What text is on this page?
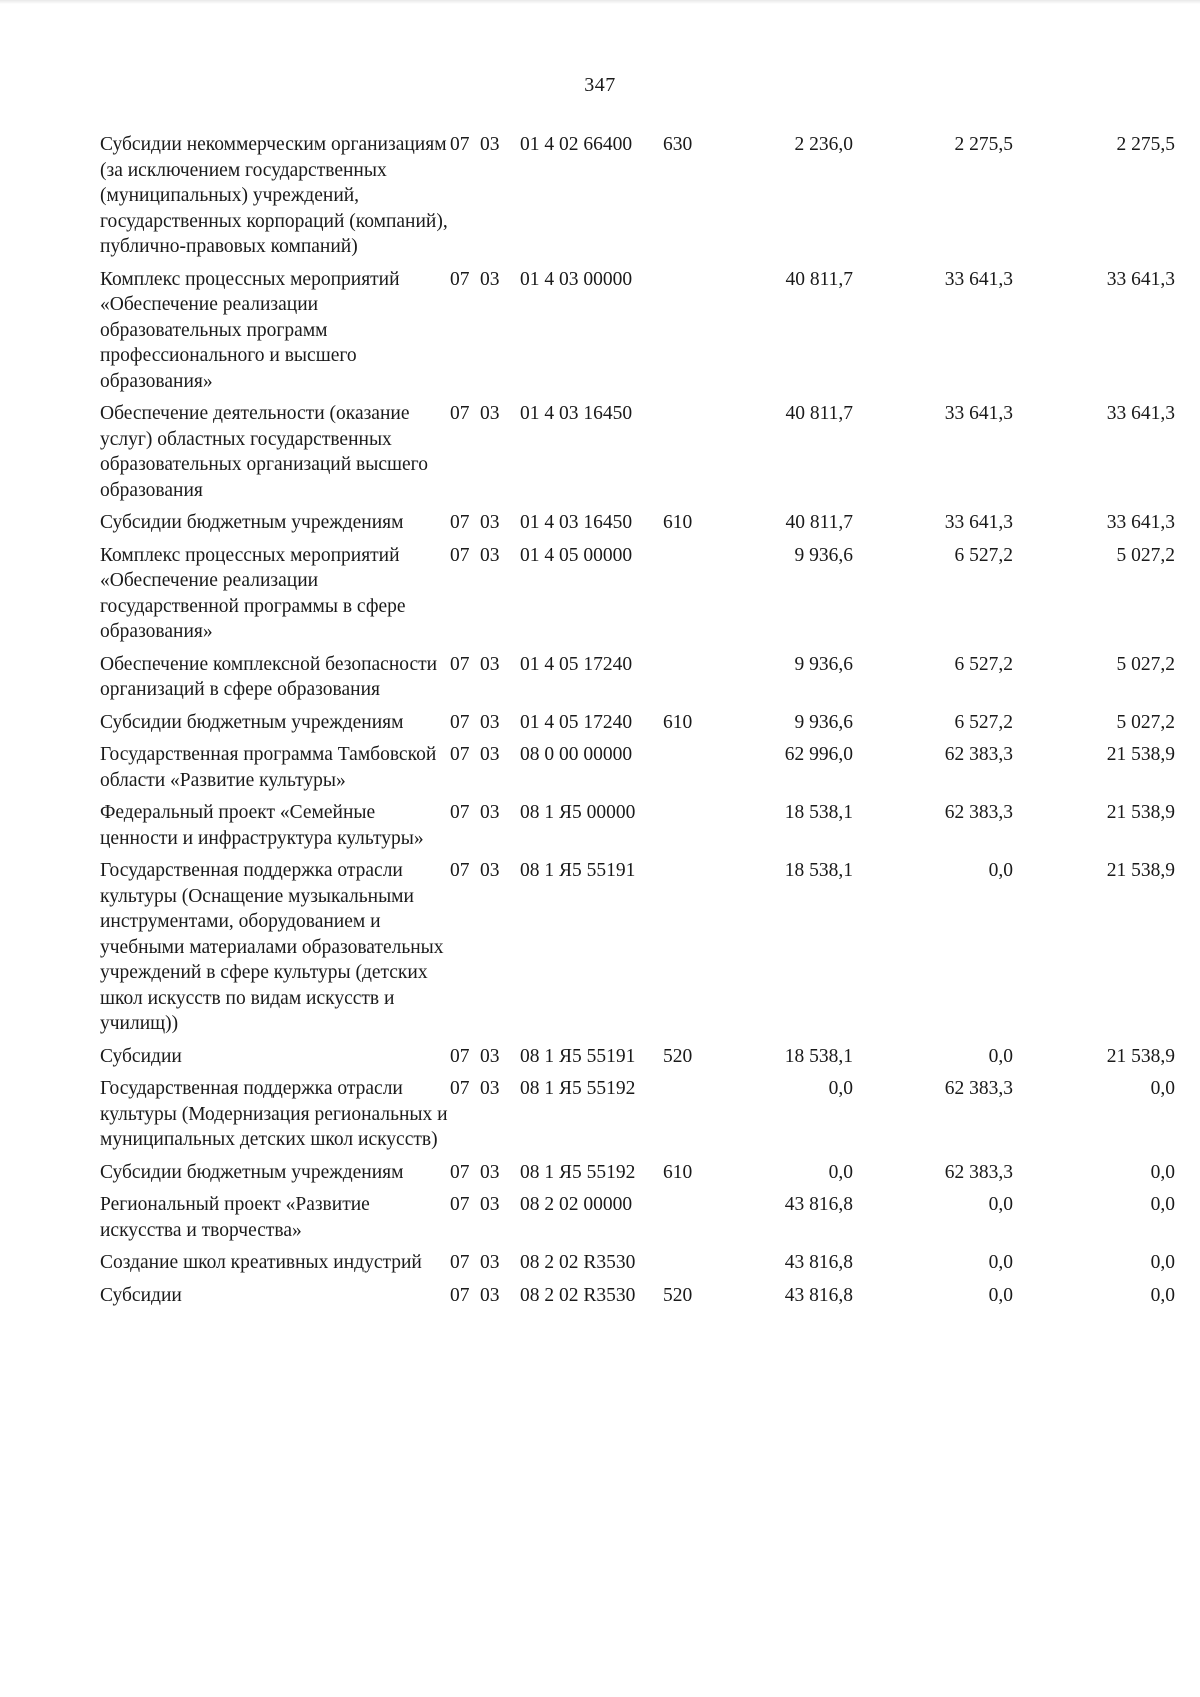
347
Субсидии некоммерческим организациям (за исключением государственных (муниципальных) учреждений, государственных корпораций (компаний), публично-правовых компаний)	07	03	01 4 02 66400	630	2 236,0	2 275,5	2 275,5
Комплекс процессных мероприятий «Обеспечение реализации образовательных программ профессионального и высшего образования»	07	03	01 4 03 00000		40 811,7	33 641,3	33 641,3
Обеспечение деятельности (оказание услуг) областных государственных образовательных организаций высшего образования	07	03	01 4 03 16450		40 811,7	33 641,3	33 641,3
Субсидии бюджетным учреждениям	07	03	01 4 03 16450	610	40 811,7	33 641,3	33 641,3
Комплекс процессных мероприятий «Обеспечение реализации государственной программы в сфере образования»	07	03	01 4 05 00000		9 936,6	6 527,2	5 027,2
Обеспечение комплексной безопасности организаций в сфере образования	07	03	01 4 05 17240		9 936,6	6 527,2	5 027,2
Субсидии бюджетным учреждениям	07	03	01 4 05 17240	610	9 936,6	6 527,2	5 027,2
Государственная программа Тамбовской области «Развитие культуры»	07	03	08 0 00 00000		62 996,0	62 383,3	21 538,9
Федеральный проект «Семейные ценности и инфраструктура культуры»	07	03	08 1 Я5 00000		18 538,1	62 383,3	21 538,9
Государственная поддержка отрасли культуры (Оснащение музыкальными инструментами, оборудованием и учебными материалами образовательных учреждений в сфере культуры (детских школ искусств по видам искусств и училищ))	07	03	08 1 Я5 55191		18 538,1	0,0	21 538,9
Субсидии	07	03	08 1 Я5 55191	520	18 538,1	0,0	21 538,9
Государственная поддержка отрасли культуры (Модернизация региональных и муниципальных детских школ искусств)	07	03	08 1 Я5 55192		0,0	62 383,3	0,0
Субсидии бюджетным учреждениям	07	03	08 1 Я5 55192	610	0,0	62 383,3	0,0
Региональный проект «Развитие искусства и творчества»	07	03	08 2 02 00000		43 816,8	0,0	0,0
Создание школ креативных индустрий	07	03	08 2 02 R3530		43 816,8	0,0	0,0
Субсидии	07	03	08 2 02 R3530	520	43 816,8	0,0	0,0
